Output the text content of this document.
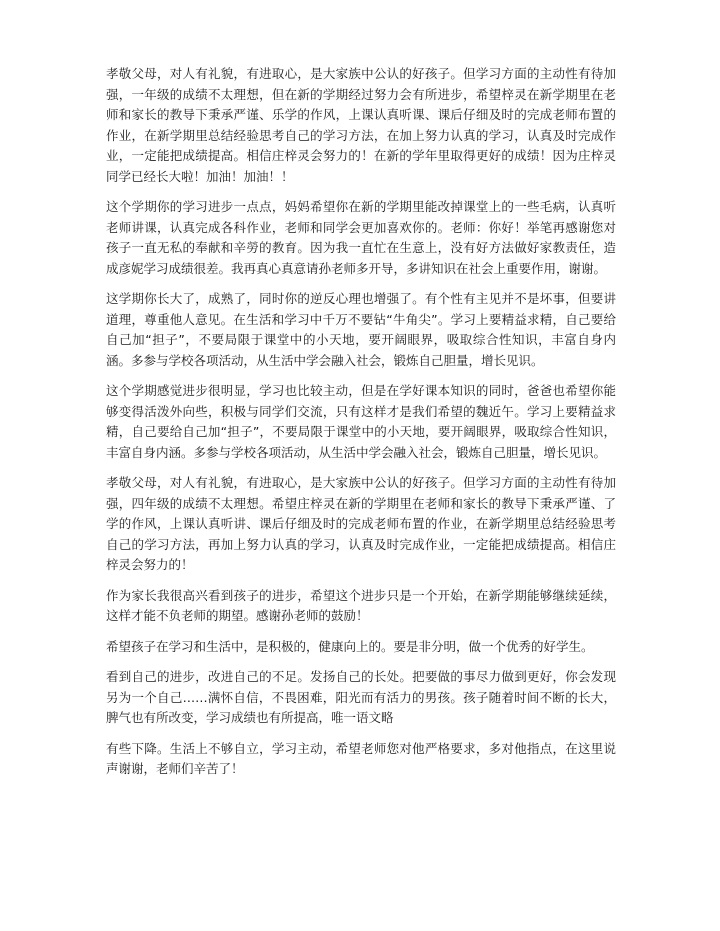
孝敬父母，对人有礼貌，有进取心，是大家族中公认的好孩子。但学习方面的主动性有待加强，一年级的成绩不太理想，但在新的学期经过努力会有所进步，希望梓灵在新学期里在老师和家长的教导下秉承严谨、乐学的作风，上课认真听课、课后仔细及时的完成老师布置的作业，在新学期里总结经验思考自己的学习方法，在加上努力认真的学习，认真及时完成作业，一定能把成绩提高。相信庄梓灵会努力的！在新的学年里取得更好的成绩！因为庄梓灵同学已经长大啦！加油！加油！！

这个学期你的学习进步一点点，妈妈希望你在新的学期里能改掉课堂上的一些毛病，认真听老师讲课，认真完成各科作业，老师和同学会更加喜欢你的。老师：你好！举笔再感谢您对孩子一直无私的奉献和辛勞的教育。因为我一直忙在生意上，没有好方法做好家教责任，造成彦妮学习成绩很差。我再真心真意请孙老师多开导，多讲知识在社会上重要作用，谢谢。

这学期你长大了，成熟了，同时你的逆反心理也增强了。有个性有主见并不是坏事，但要讲道理，尊重他人意见。在生活和学习中千万不要钻“牛角尖”。学习上要精益求精，自己要给自己加“担子”，不要局限于课堂中的小天地，要开阔眼界，吸取综合性知识，丰富自身内涵。多参与学校各项活动，从生活中学会融入社会，锻炼自己胆量，增长见识。

这个学期感觉进步很明显，学习也比较主动，但是在学好课本知识的同时，爸爸也希望你能够变得活泼外向些，积极与同学们交流，只有这样才是我们希望的魏近午。学习上要精益求精，自己要给自己加“担子”，不要局限于课堂中的小天地，要开阔眼界，吸取综合性知识，丰富自身内涵。多参与学校各项活动，从生活中学会融入社会，锻炼自己胆量，增长见识。

孝敬父母，对人有礼貌，有进取心，是大家族中公认的好孩子。但学习方面的主动性有待加强，四年级的成绩不太理想。希望庄梓灵在新的学期里在老师和家长的教导下秉承严谨、了学的作风，上课认真听讲、课后仔细及时的完成老师布置的作业，在新学期里总结经验思考自己的学习方法，再加上努力认真的学习，认真及时完成作业，一定能把成绩提高。相信庄梓灵会努力的！

作为家长我很高兴看到孩子的进步，希望这个进步只是一个开始，在新学期能够继续延续，这样才能不负老师的期望。感谢孙老师的鼓励！

希望孩子在学习和生活中，是积极的，健康向上的。要是非分明，做一个优秀的好学生。

看到自己的进步，改进自己的不足。发扬自己的长处。把要做的事尽力做到更好，你会发现另为一个自己……满怀自信，不畏困难，阳光而有活力的男孩。孩子随着时间不断的长大，脾气也有所改变，学习成绩也有所提高，唯一语文略

有些下降。生活上不够自立，学习主动，希望老师您对他严格要求，多对他指点，在这里说声谢谢，老师们辛苦了！
